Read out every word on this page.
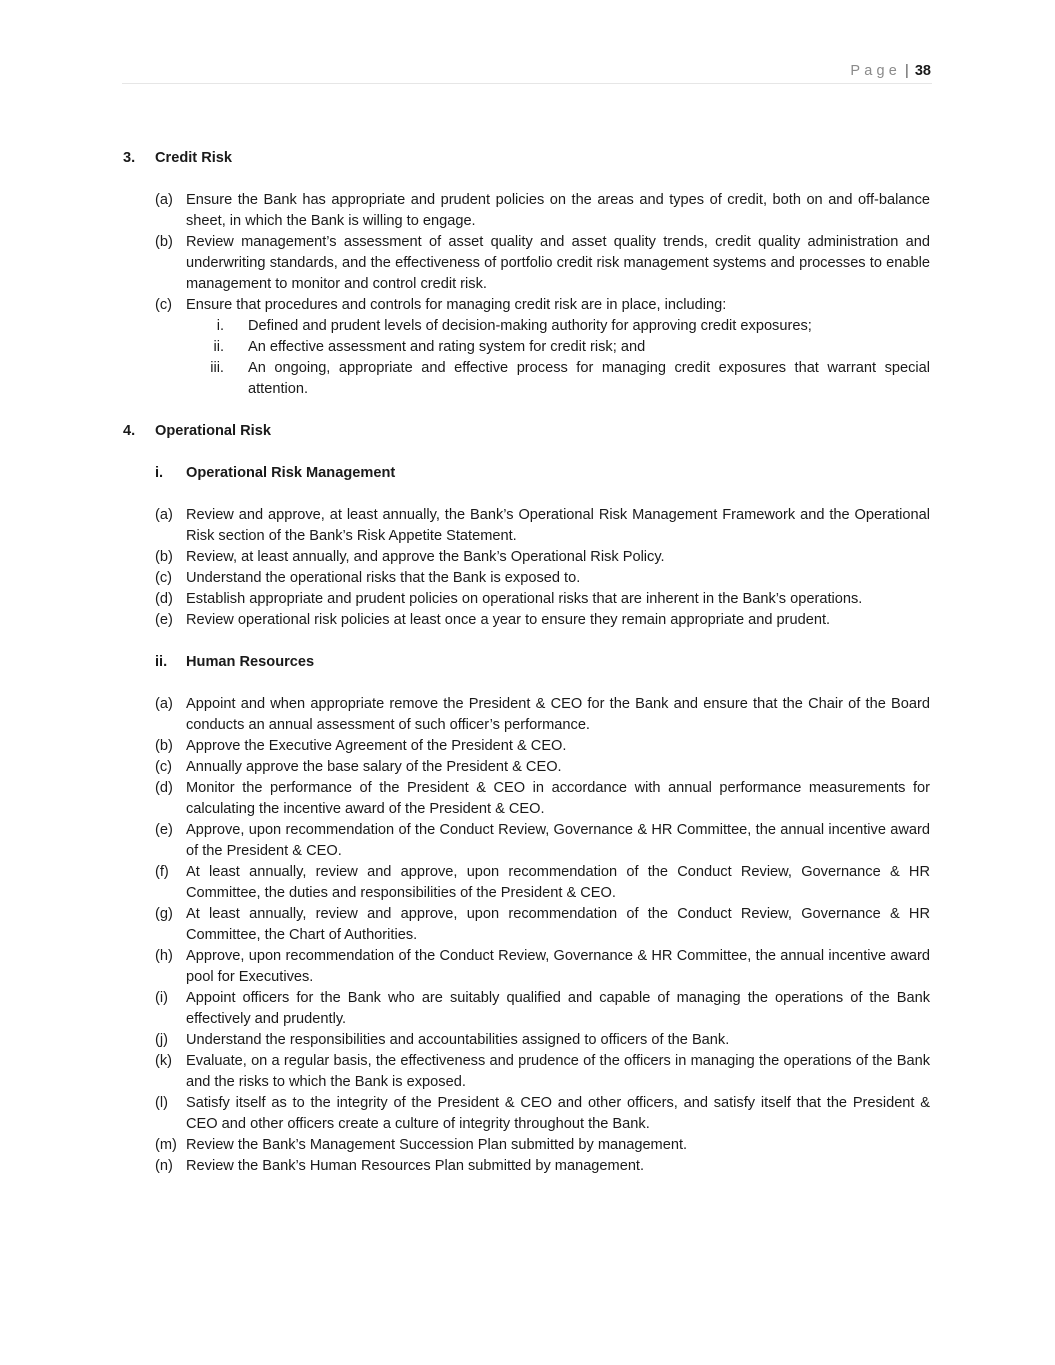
Page | 38
3.	Credit Risk
(a) Ensure the Bank has appropriate and prudent policies on the areas and types of credit, both on and off-balance sheet, in which the Bank is willing to engage.
(b) Review management’s assessment of asset quality and asset quality trends, credit quality administration and underwriting standards, and the effectiveness of portfolio credit risk management systems and processes to enable management to monitor and control credit risk.
(c) Ensure that procedures and controls for managing credit risk are in place, including:
i.	Defined and prudent levels of decision-making authority for approving credit exposures;
ii.	An effective assessment and rating system for credit risk; and
iii.	An ongoing, appropriate and effective process for managing credit exposures that warrant special attention.
4.	Operational Risk
i.	Operational Risk Management
(a) Review and approve, at least annually, the Bank’s Operational Risk Management Framework and the Operational Risk section of the Bank’s Risk Appetite Statement.
(b) Review, at least annually, and approve the Bank’s Operational Risk Policy.
(c) Understand the operational risks that the Bank is exposed to.
(d) Establish appropriate and prudent policies on operational risks that are inherent in the Bank’s operations.
(e) Review operational risk policies at least once a year to ensure they remain appropriate and prudent.
ii.	Human Resources
(a) Appoint and when appropriate remove the President & CEO for the Bank and ensure that the Chair of the Board conducts an annual assessment of such officer’s performance.
(b) Approve the Executive Agreement of the President & CEO.
(c) Annually approve the base salary of the President & CEO.
(d) Monitor the performance of the President & CEO in accordance with annual performance measurements for calculating the incentive award of the President & CEO.
(e) Approve, upon recommendation of the Conduct Review, Governance & HR Committee, the annual incentive award of the President & CEO.
(f)	At least annually, review and approve, upon recommendation of the Conduct Review, Governance & HR Committee, the duties and responsibilities of the President & CEO.
(g) At least annually, review and approve, upon recommendation of the Conduct Review, Governance & HR Committee, the Chart of Authorities.
(h) Approve, upon recommendation of the Conduct Review, Governance & HR Committee, the annual incentive award pool for Executives.
(i)	Appoint officers for the Bank who are suitably qualified and capable of managing the operations of the Bank effectively and prudently.
(j)	Understand the responsibilities and accountabilities assigned to officers of the Bank.
(k) Evaluate, on a regular basis, the effectiveness and prudence of the officers in managing the operations of the Bank and the risks to which the Bank is exposed.
(l)	Satisfy itself as to the integrity of the President & CEO and other officers, and satisfy itself that the President & CEO and other officers create a culture of integrity throughout the Bank.
(m) Review the Bank’s Management Succession Plan submitted by management.
(n) Review the Bank’s Human Resources Plan submitted by management.
